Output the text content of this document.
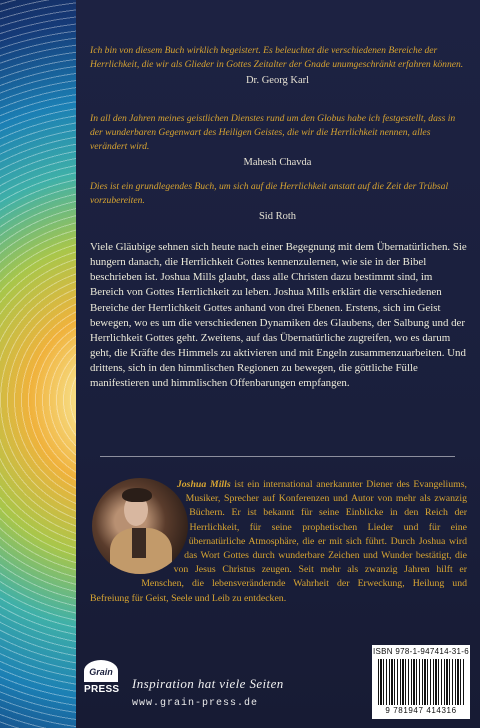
Ich bin von diesem Buch wirklich begeistert. Es beleuchtet die verschiedenen Bereiche der Herrlichkeit, die wir als Glieder in Gottes Zeitalter der Gnade unumgeschränkt erfahren können.
Dr. Georg Karl
In all den Jahren meines geistlichen Dienstes rund um den Globus habe ich festgestellt, dass in der wunderbaren Gegenwart des Heiligen Geistes, die wir die Herrlichkeit nennen, alles verändert wird.
Mahesh Chavda
Dies ist ein grundlegendes Buch, um sich auf die Herrlichkeit anstatt auf die Zeit der Trübsal vorzubereiten.
Sid Roth
Viele Gläubige sehnen sich heute nach einer Begegnung mit dem Übernatürlichen. Sie hungern danach, die Herrlichkeit Gottes kennenzulernen, wie sie in der Bibel beschrieben ist. Joshua Mills glaubt, dass alle Christen dazu bestimmt sind, im Bereich von Gottes Herrlichkeit zu leben. Joshua Mills erklärt die verschiedenen Bereiche der Herrlichkeit Gottes anhand von drei Ebenen. Erstens, sich im Geist bewegen, wo es um die verschiedenen Dynamiken des Glaubens, der Salbung und der Herrlichkeit Gottes geht. Zweitens, auf das Übernatürliche zugreifen, wo es darum geht, die Kräfte des Himmels zu aktivieren und mit Engeln zusammenzuarbeiten. Und drittens, sich in den himmlischen Regionen zu bewegen, die göttliche Fülle manifestieren und himmlischen Offenbarungen empfangen.
Joshua Mills ist ein international anerkannter Diener des Evangeliums, Musiker, Sprecher auf Konferenzen und Autor von mehr als zwanzig Büchern. Er ist bekannt für seine Einblicke in den Reich der Herrlichkeit, für seine prophetischen Lieder und für eine übernatürliche Atmosphäre, die er mit sich führt. Durch Joshua wird das Wort Gottes durch wunderbare Zeichen und Wunder bestätigt, die von Jesus Christus zeugen. Seit mehr als zwanzig Jahren hilft er Menschen, die lebensverändernde Wahrheit der Erweckung, Heilung und Befreiung für Geist, Seele und Leib zu entdecken.
Grain
PRESS Inspiration hat viele Seiten
www.grain-press.de
ISBN 978-1-947414-31-6
9 781947 414316
